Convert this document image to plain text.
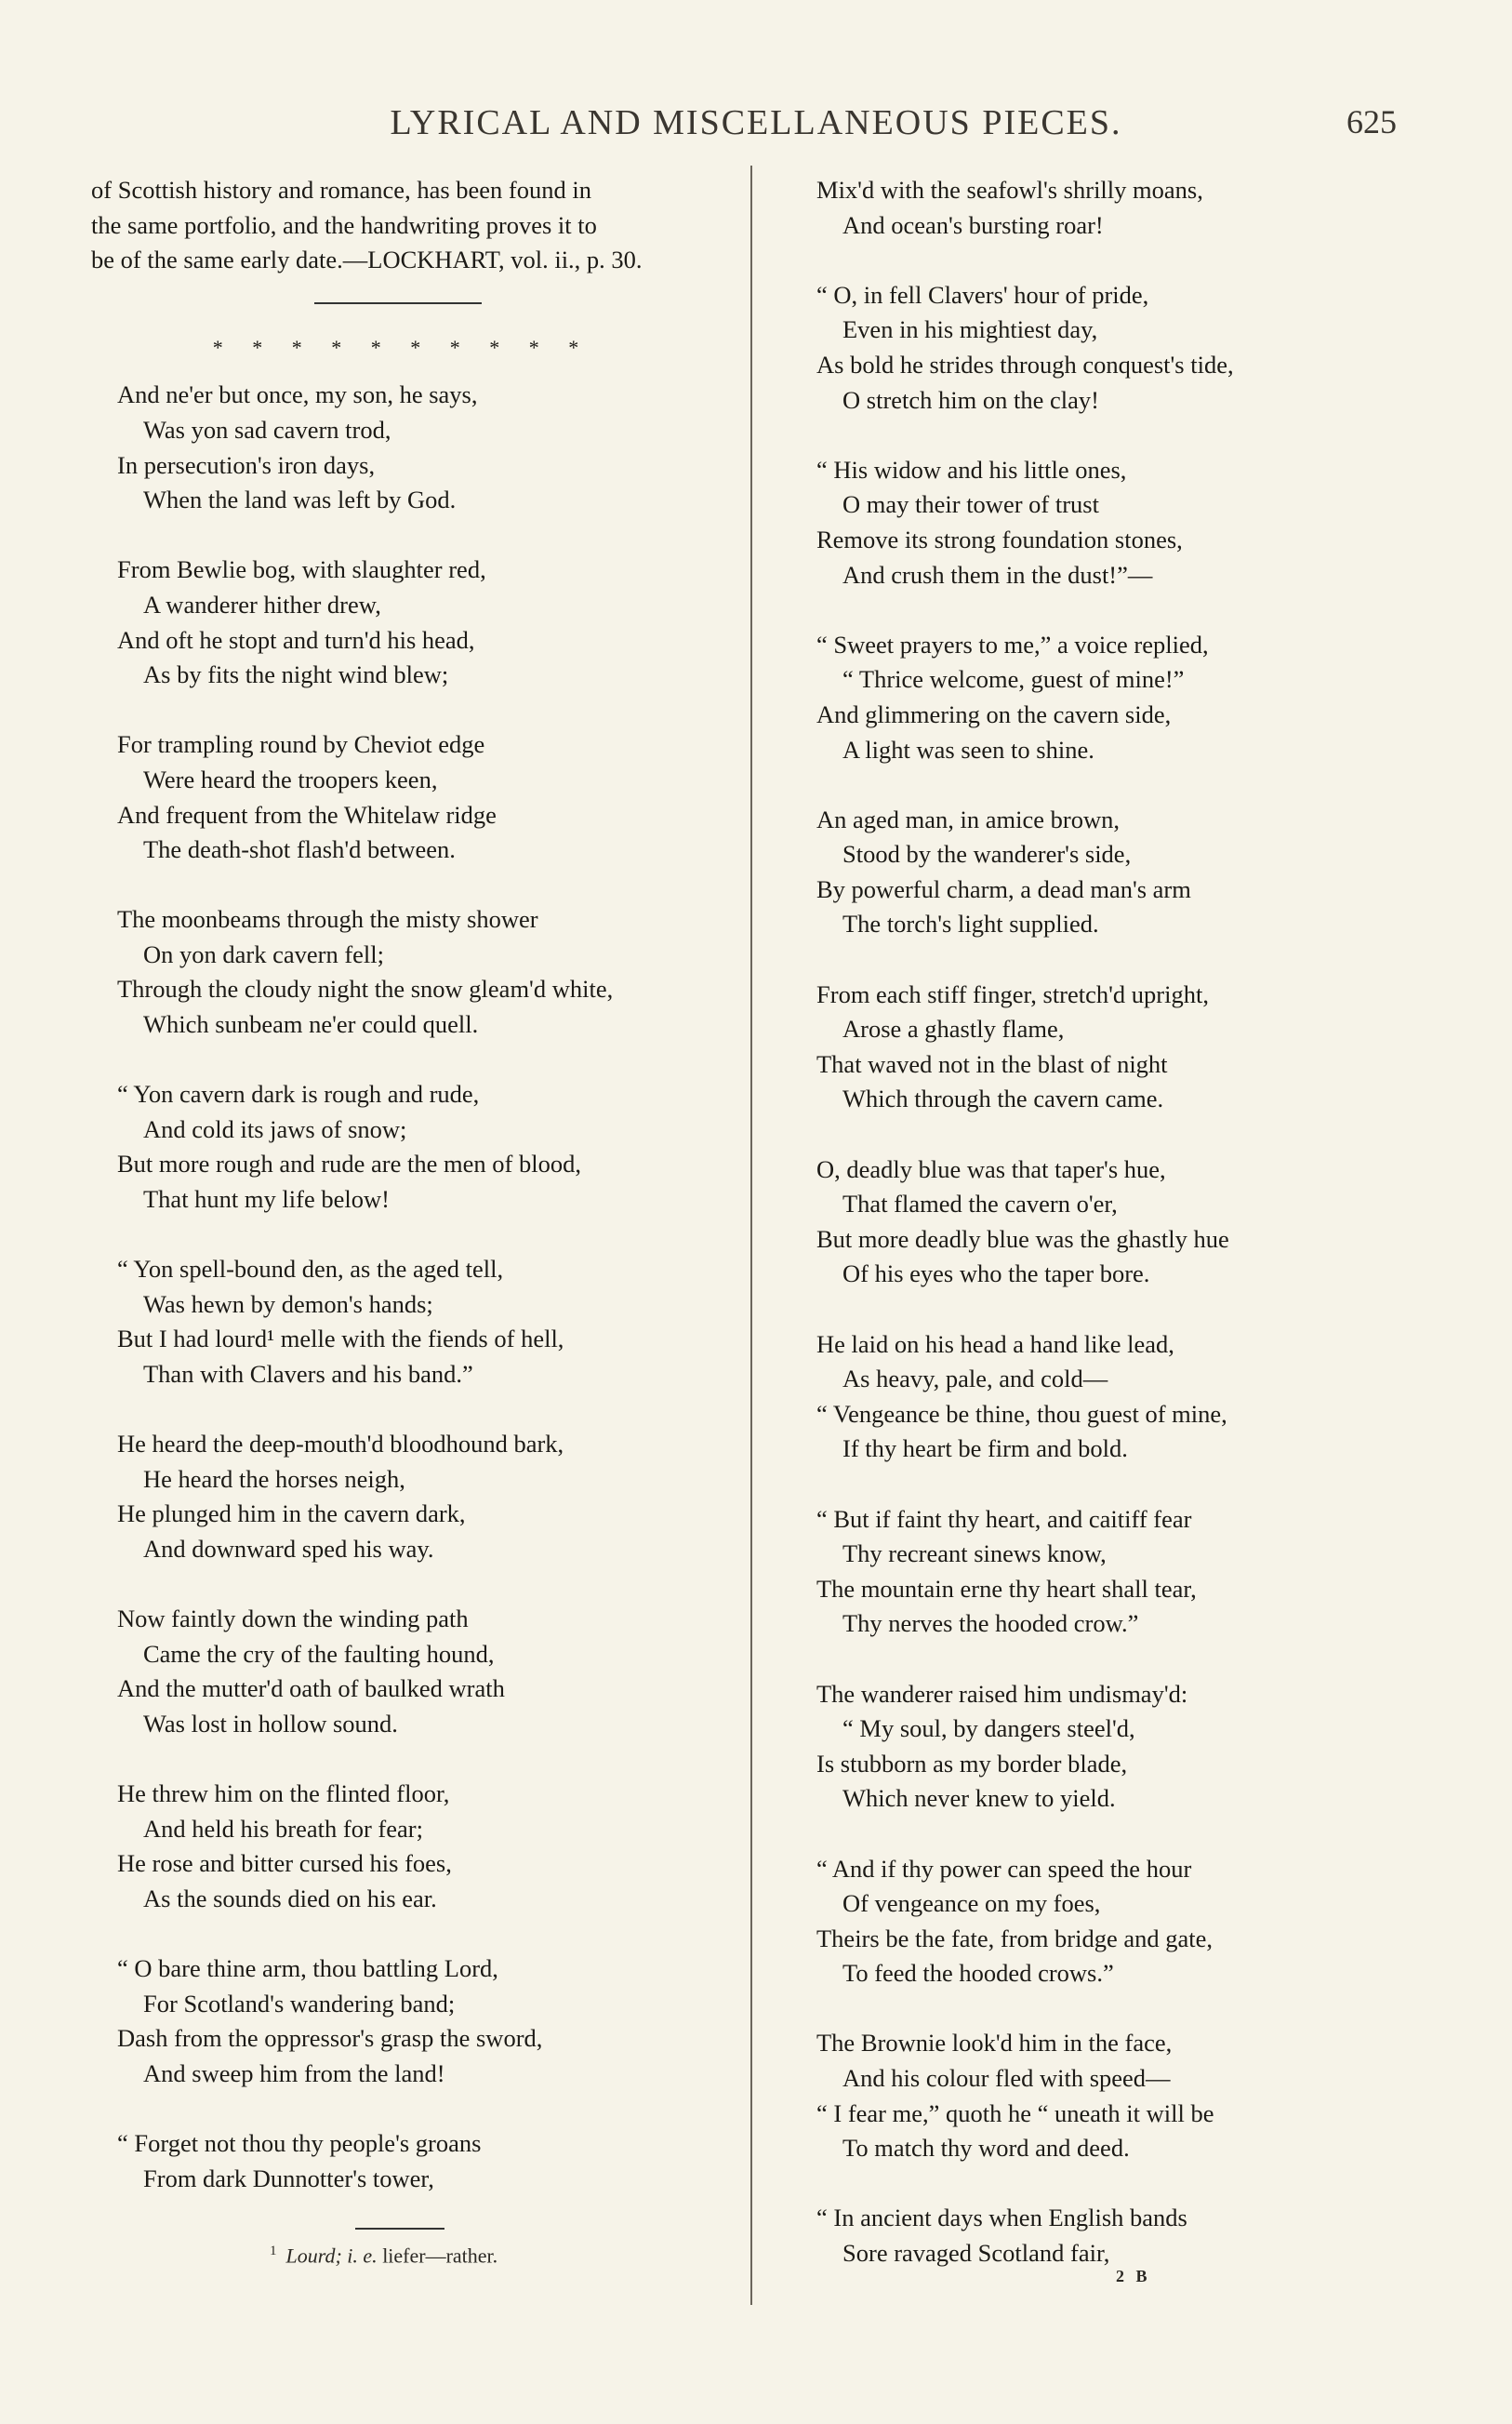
LYRICAL AND MISCELLANEOUS PIECES.	625

of Scottish history and romance, has been found in
the same portfolio, and the handwriting proves it to
be of the same early date.—LOCKHART, vol. ii., p. 30.

* * * * * * * * * *
And ne'er but once, my son, he says,
Was yon sad cavern trod,
In persecution's iron days,
When the land was left by God.
From Bewlie bog, with slaughter red,
A wanderer hither drew,
And oft he stopt and turn'd his head,
As by fits the night wind blew;
For trampling round by Cheviot edge
Were heard the troopers keen,
And frequent from the Whitelaw ridge
The death-shot flash'd between.
The moonbeams through the misty shower
On yon dark cavern fell;
Through the cloudy night the snow gleam'd white,
Which sunbeam ne'er could quell.
“ Yon cavern dark is rough and rude,
And cold its jaws of snow;
But more rough and rude are the men of blood,
That hunt my life below!
“ Yon spell-bound den, as the aged tell,
Was hewn by demon's hands;
But I had lourd¹ melle with the fiends of hell,
Than with Clavers and his band.”
He heard the deep-mouth'd bloodhound bark,
He heard the horses neigh,
He plunged him in the cavern dark,
And downward sped his way.
Now faintly down the winding path
Came the cry of the faulting hound,
And the mutter'd oath of baulked wrath
Was lost in hollow sound.
He threw him on the flinted floor,
And held his breath for fear;
He rose and bitter cursed his foes,
As the sounds died on his ear.
“ O bare thine arm, thou battling Lord,
For Scotland's wandering band;
Dash from the oppressor's grasp the sword,
And sweep him from the land!
“ Forget not thou thy people's groans
From dark Dunnotter's tower,
Mix'd with the seafowl's shrilly moans,
And ocean's bursting roar!
“ O, in fell Clavers' hour of pride,
Even in his mightiest day,
As bold he strides through conquest's tide,
O stretch him on the clay!
“ His widow and his little ones,
O may their tower of trust
Remove its strong foundation stones,
And crush them in the dust!”—
“ Sweet prayers to me,” a voice replied,
“ Thrice welcome, guest of mine!”
And glimmering on the cavern side,
A light was seen to shine.
An aged man, in amice brown,
Stood by the wanderer's side,
By powerful charm, a dead man's arm
The torch's light supplied.
From each stiff finger, stretch'd upright,
Arose a ghastly flame,
That waved not in the blast of night
Which through the cavern came.
O, deadly blue was that taper's hue,
That flamed the cavern o'er,
But more deadly blue was the ghastly hue
Of his eyes who the taper bore.
He laid on his head a hand like lead,
As heavy, pale, and cold—
“ Vengeance be thine, thou guest of mine,
If thy heart be firm and bold.
“ But if faint thy heart, and caitiff fear
Thy recreant sinews know,
The mountain erne thy heart shall tear,
Thy nerves the hooded crow.”
The wanderer raised him undismay'd:
“ My soul, by dangers steel'd,
Is stubborn as my border blade,
Which never knew to yield.
“ And if thy power can speed the hour
Of vengeance on my foes,
Theirs be the fate, from bridge and gate,
To feed the hooded crows.”
The Brownie look'd him in the face,
And his colour fled with speed—
“ I fear me,” quoth he “ uneath it will be
To match thy word and deed.
“ In ancient days when English bands
Sore ravaged Scotland fair,
$^1$ Lourd; i. e. liefer—rather.
2 B
